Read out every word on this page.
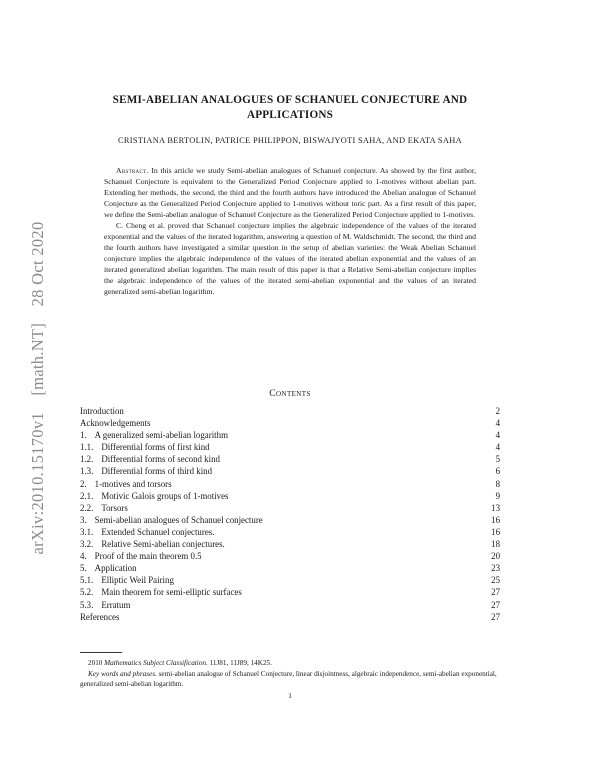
arXiv:2010.15170v1 [math.NT] 28 Oct 2020
SEMI-ABELIAN ANALOGUES OF SCHANUEL CONJECTURE AND APPLICATIONS
CRISTIANA BERTOLIN, PATRICE PHILIPPON, BISWAJYOTI SAHA, AND EKATA SAHA

Abstract. In this article we study Semi-abelian analogues of Schanuel conjecture. As showed by the first author, Schanuel Conjecture is equivalent to the Generalized Period Conjecture applied to 1-motives without abelian part. Extending her methods, the second, the third and the fourth authors have introduced the Abelian analogue of Schanuel Conjecture as the Generalized Period Conjecture applied to 1-motives without toric part. As a first result of this paper, we define the Semi-abelian analogue of Schanuel Conjecture as the Generalized Period Conjecture applied to 1-motives.

C. Cheng et al. proved that Schanuel conjecture implies the algebraic independence of the values of the iterated exponential and the values of the iterated logarithm, answering a question of M. Waldschmidt. The second, the third and the fourth authors have investigated a similar question in the setup of abelian varieties: the Weak Abelian Schanuel conjecture implies the algebraic independence of the values of the iterated abelian exponential and the values of an iterated generalized abelian logarithm. The main result of this paper is that a Relative Semi-abelian conjecture implies the algebraic independence of the values of the iterated semi-abelian exponential and the values of an iterated generalized semi-abelian logarithm.

Contents
Introduction	2
Acknowledgements	4
1. A generalized semi-abelian logarithm	4
1.1. Differential forms of first kind	4
1.2. Differential forms of second kind	5
1.3. Differential forms of third kind	6
2. 1-motives and torsors	8
2.1. Motivic Galois groups of 1-motives	9
2.2. Torsors	13
3. Semi-abelian analogues of Schanuel conjecture	16
3.1. Extended Schanuel conjectures.	16
3.2. Relative Semi-abelian conjectures.	18
4. Proof of the main theorem 0.5	20
5. Application	23
5.1. Elliptic Weil Pairing	25
5.2. Main theorem for semi-elliptic surfaces	27
5.3. Erratum	27
References	27

2010 Mathematics Subject Classification. 11J81, 11J89, 14K25.

Key words and phrases. semi-abelian analogue of Schanuel Conjecture, linear disjointness, algebraic independence, semi-abelian exponential, generalized semi-abelian logarithm.

1
